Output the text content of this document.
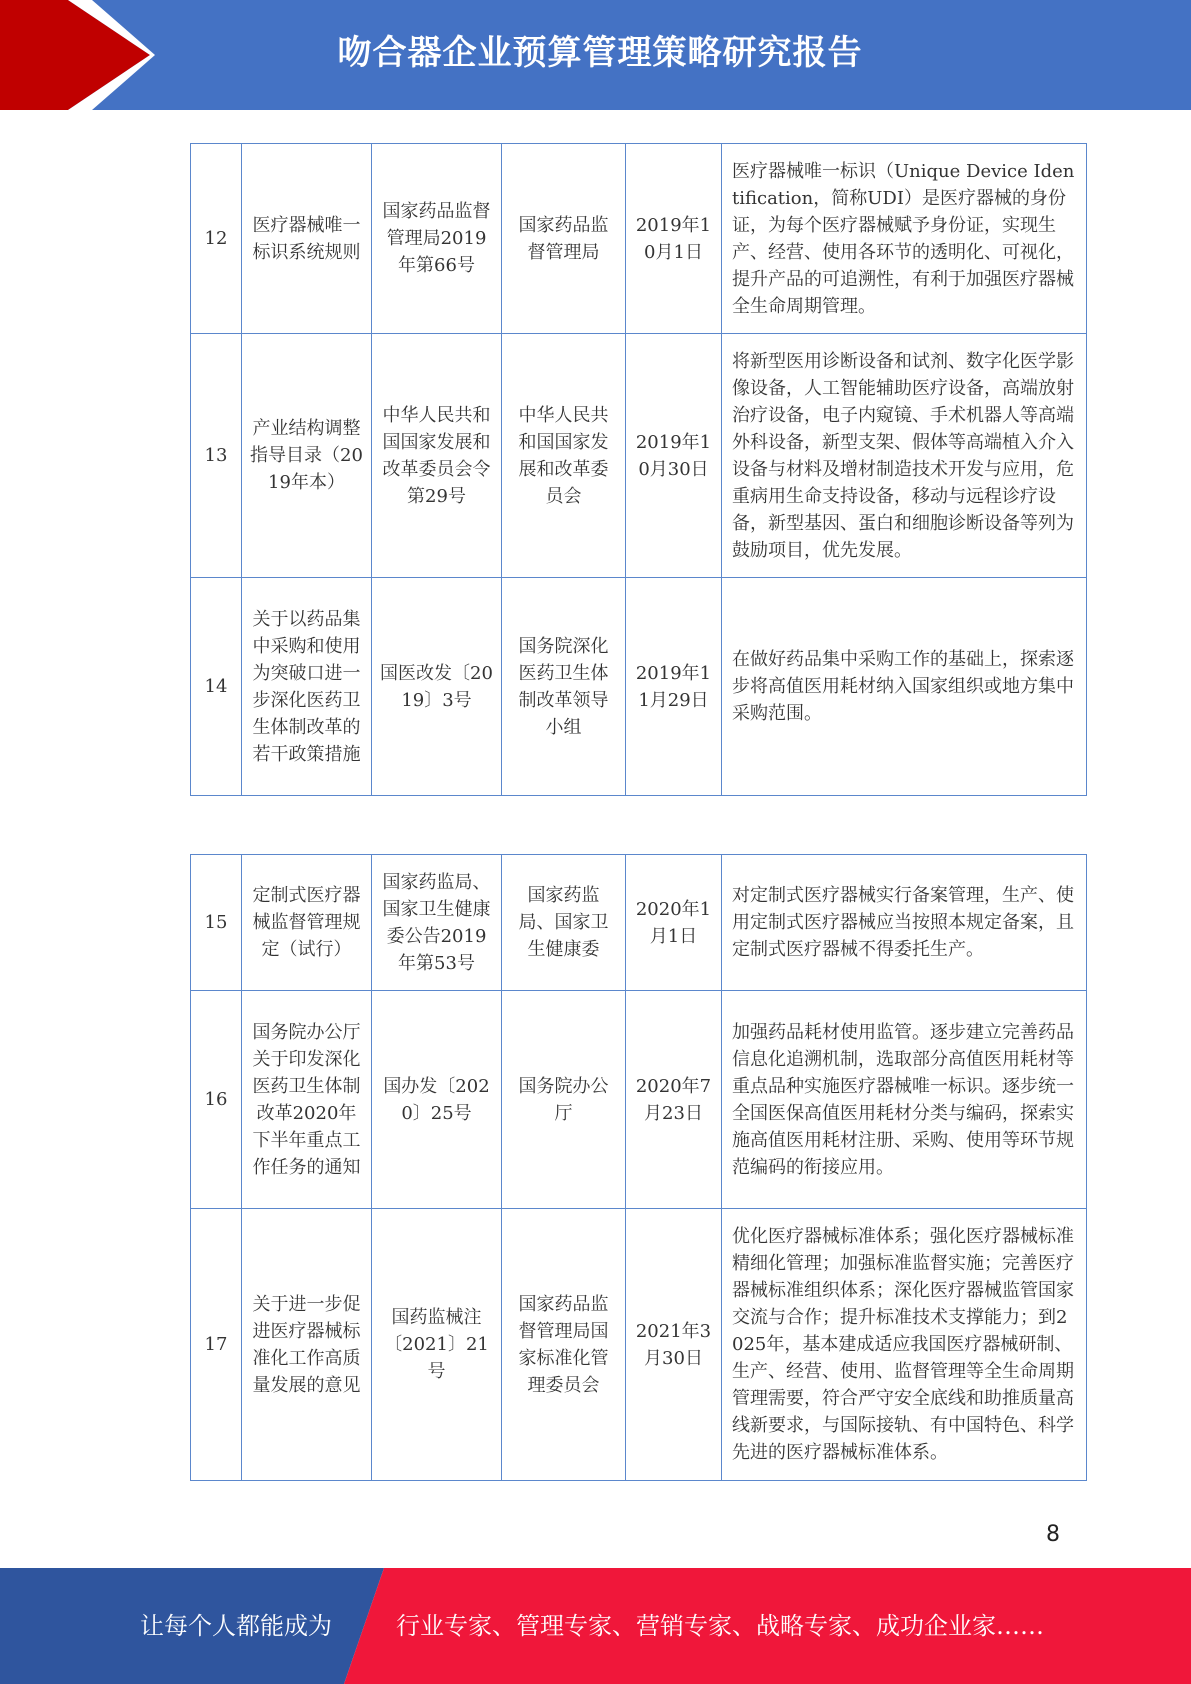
吻合器企业预算管理策略研究报告
12	医疗器械唯一标识系统规则	国家药品监督管理局2019年第66号	国家药品监督管理局	2019年10月1日	医疗器械唯一标识（Unique Device Identification，简称UDI）是医疗器械的身份证，为每个医疗器械赋予身份证，实现生产、经营、使用各环节的透明化、可视化，提升产品的可追溯性，有利于加强医疗器械全生命周期管理。
13	产业结构调整指导目录（2019年本）	中华人民共和国国家发展和改革委员会令第29号	中华人民共和国国家发展和改革委员会	2019年10月30日	将新型医用诊断设备和试剂、数字化医学影像设备，人工智能辅助医疗设备，高端放射治疗设备，电子内窥镜、手术机器人等高端外科设备，新型支架、假体等高端植入介入设备与材料及增材制造技术开发与应用，危重病用生命支持设备，移动与远程诊疗设备，新型基因、蛋白和细胞诊断设备等列为鼓励项目，优先发展。
14	关于以药品集中采购和使用为突破口进一步深化医药卫生体制改革的若干政策措施	国医改发〔2019〕3号	国务院深化医药卫生体制改革领导小组	2019年11月29日	在做好药品集中采购工作的基础上，探索逐步将高值医用耗材纳入国家组织或地方集中采购范围。
15	定制式医疗器械监督管理规定（试行）	国家药监局、国家卫生健康委公告2019年第53号	国家药监局、国家卫生健康委	2020年1月1日	对定制式医疗器械实行备案管理，生产、使用定制式医疗器械应当按照本规定备案，且定制式医疗器械不得委托生产。
16	国务院办公厅关于印发深化医药卫生体制改革2020年下半年重点工作任务的通知	国办发〔2020〕25号	国务院办公厅	2020年7月23日	加强药品耗材使用监管。逐步建立完善药品信息化追溯机制，选取部分高值医用耗材等重点品种实施医疗器械唯一标识。逐步统一全国医保高值医用耗材分类与编码，探索实施高值医用耗材注册、采购、使用等环节规范编码的衔接应用。
17	关于进一步促进医疗器械标准化工作高质量发展的意见	国药监械注〔2021〕21号	国家药品监督管理局国家标准化管理委员会	2021年3月30日	优化医疗器械标准体系；强化医疗器械标准精细化管理；加强标准监督实施；完善医疗器械标准组织体系；深化医疗器械监管国家交流与合作；提升标准技术支撑能力；到2025年，基本建成适应我国医疗器械研制、生产、经营、使用、监督管理等全生命周期管理需要，符合严守安全底线和助推质量高线新要求，与国际接轨、有中国特色、科学先进的医疗器械标准体系。
8
让每个人都能成为	行业专家、管理专家、营销专家、战略专家、成功企业家……
